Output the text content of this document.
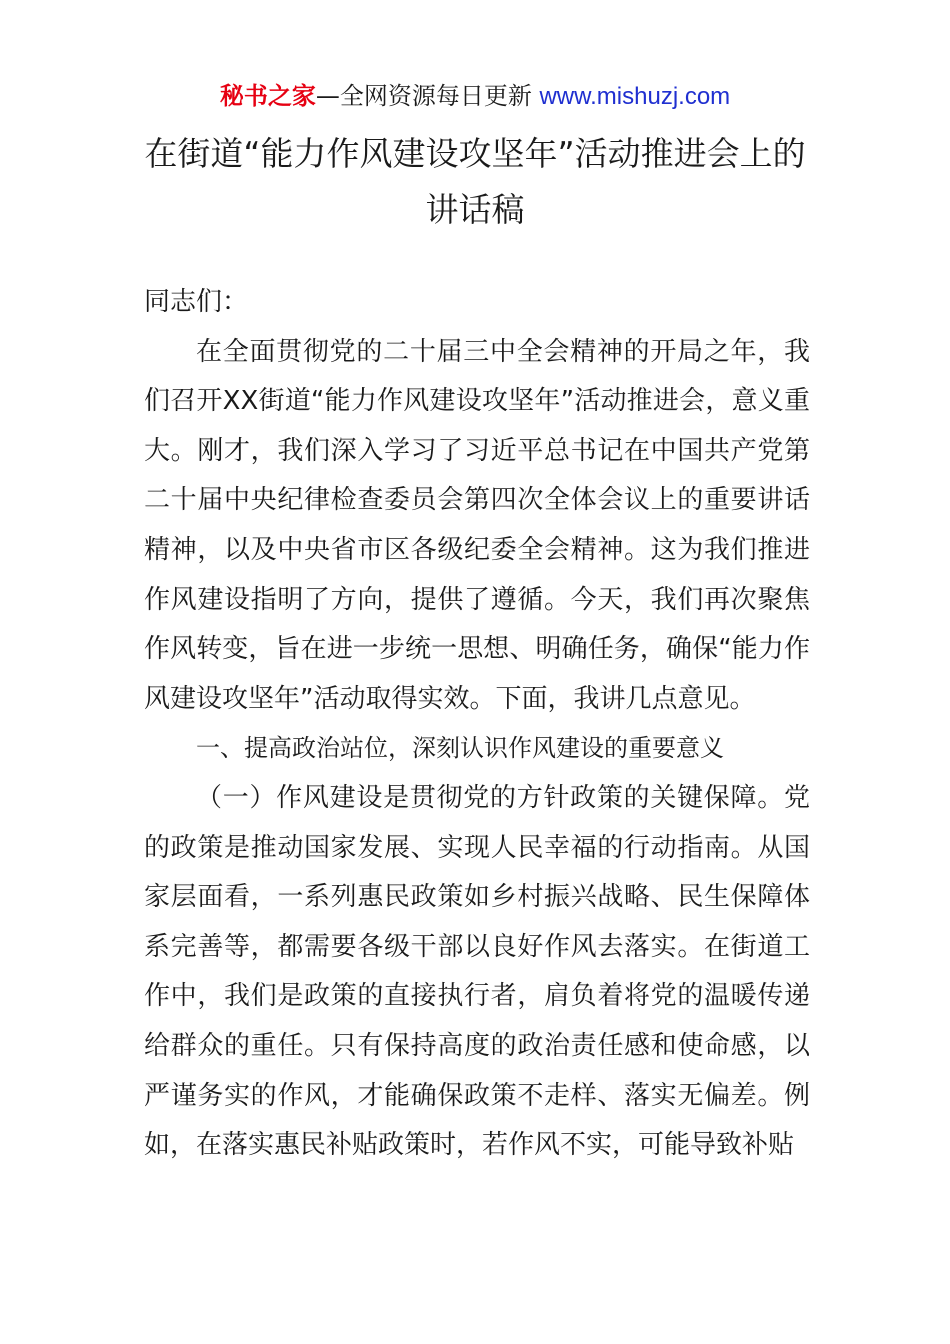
秘书之家—全网资源每日更新 www.mishuzj.com
在街道“能力作风建设攻坚年”活动推进会上的讲话稿

同志们：

在全面贯彻党的二十届三中全会精神的开局之年，我们召开XX街道“能力作风建设攻坚年”活动推进会，意义重大。刚才，我们深入学习了习近平总书记在中国共产党第二十届中央纪律检查委员会第四次全体会议上的重要讲话精神，以及中央省市区各级纪委全会精神。这为我们推进作风建设指明了方向，提供了遵循。今天，我们再次聚焦作风转变，旨在进一步统一思想、明确任务，确保“能力作风建设攻坚年”活动取得实效。下面，我讲几点意见。

一、提高政治站位，深刻认识作风建设的重要意义

（一）作风建设是贯彻党的方针政策的关键保障。党的政策是推动国家发展、实现人民幸福的行动指南。从国家层面看，一系列惠民政策如乡村振兴战略、民生保障体系完善等，都需要各级干部以良好作风去落实。在街道工作中，我们是政策的直接执行者，肩负着将党的温暖传递给群众的重任。只有保持高度的政治责任感和使命感，以严谨务实的作风，才能确保政策不走样、落实无偏差。例如，在落实惠民补贴政策时，若作风不实，可能导致补贴
